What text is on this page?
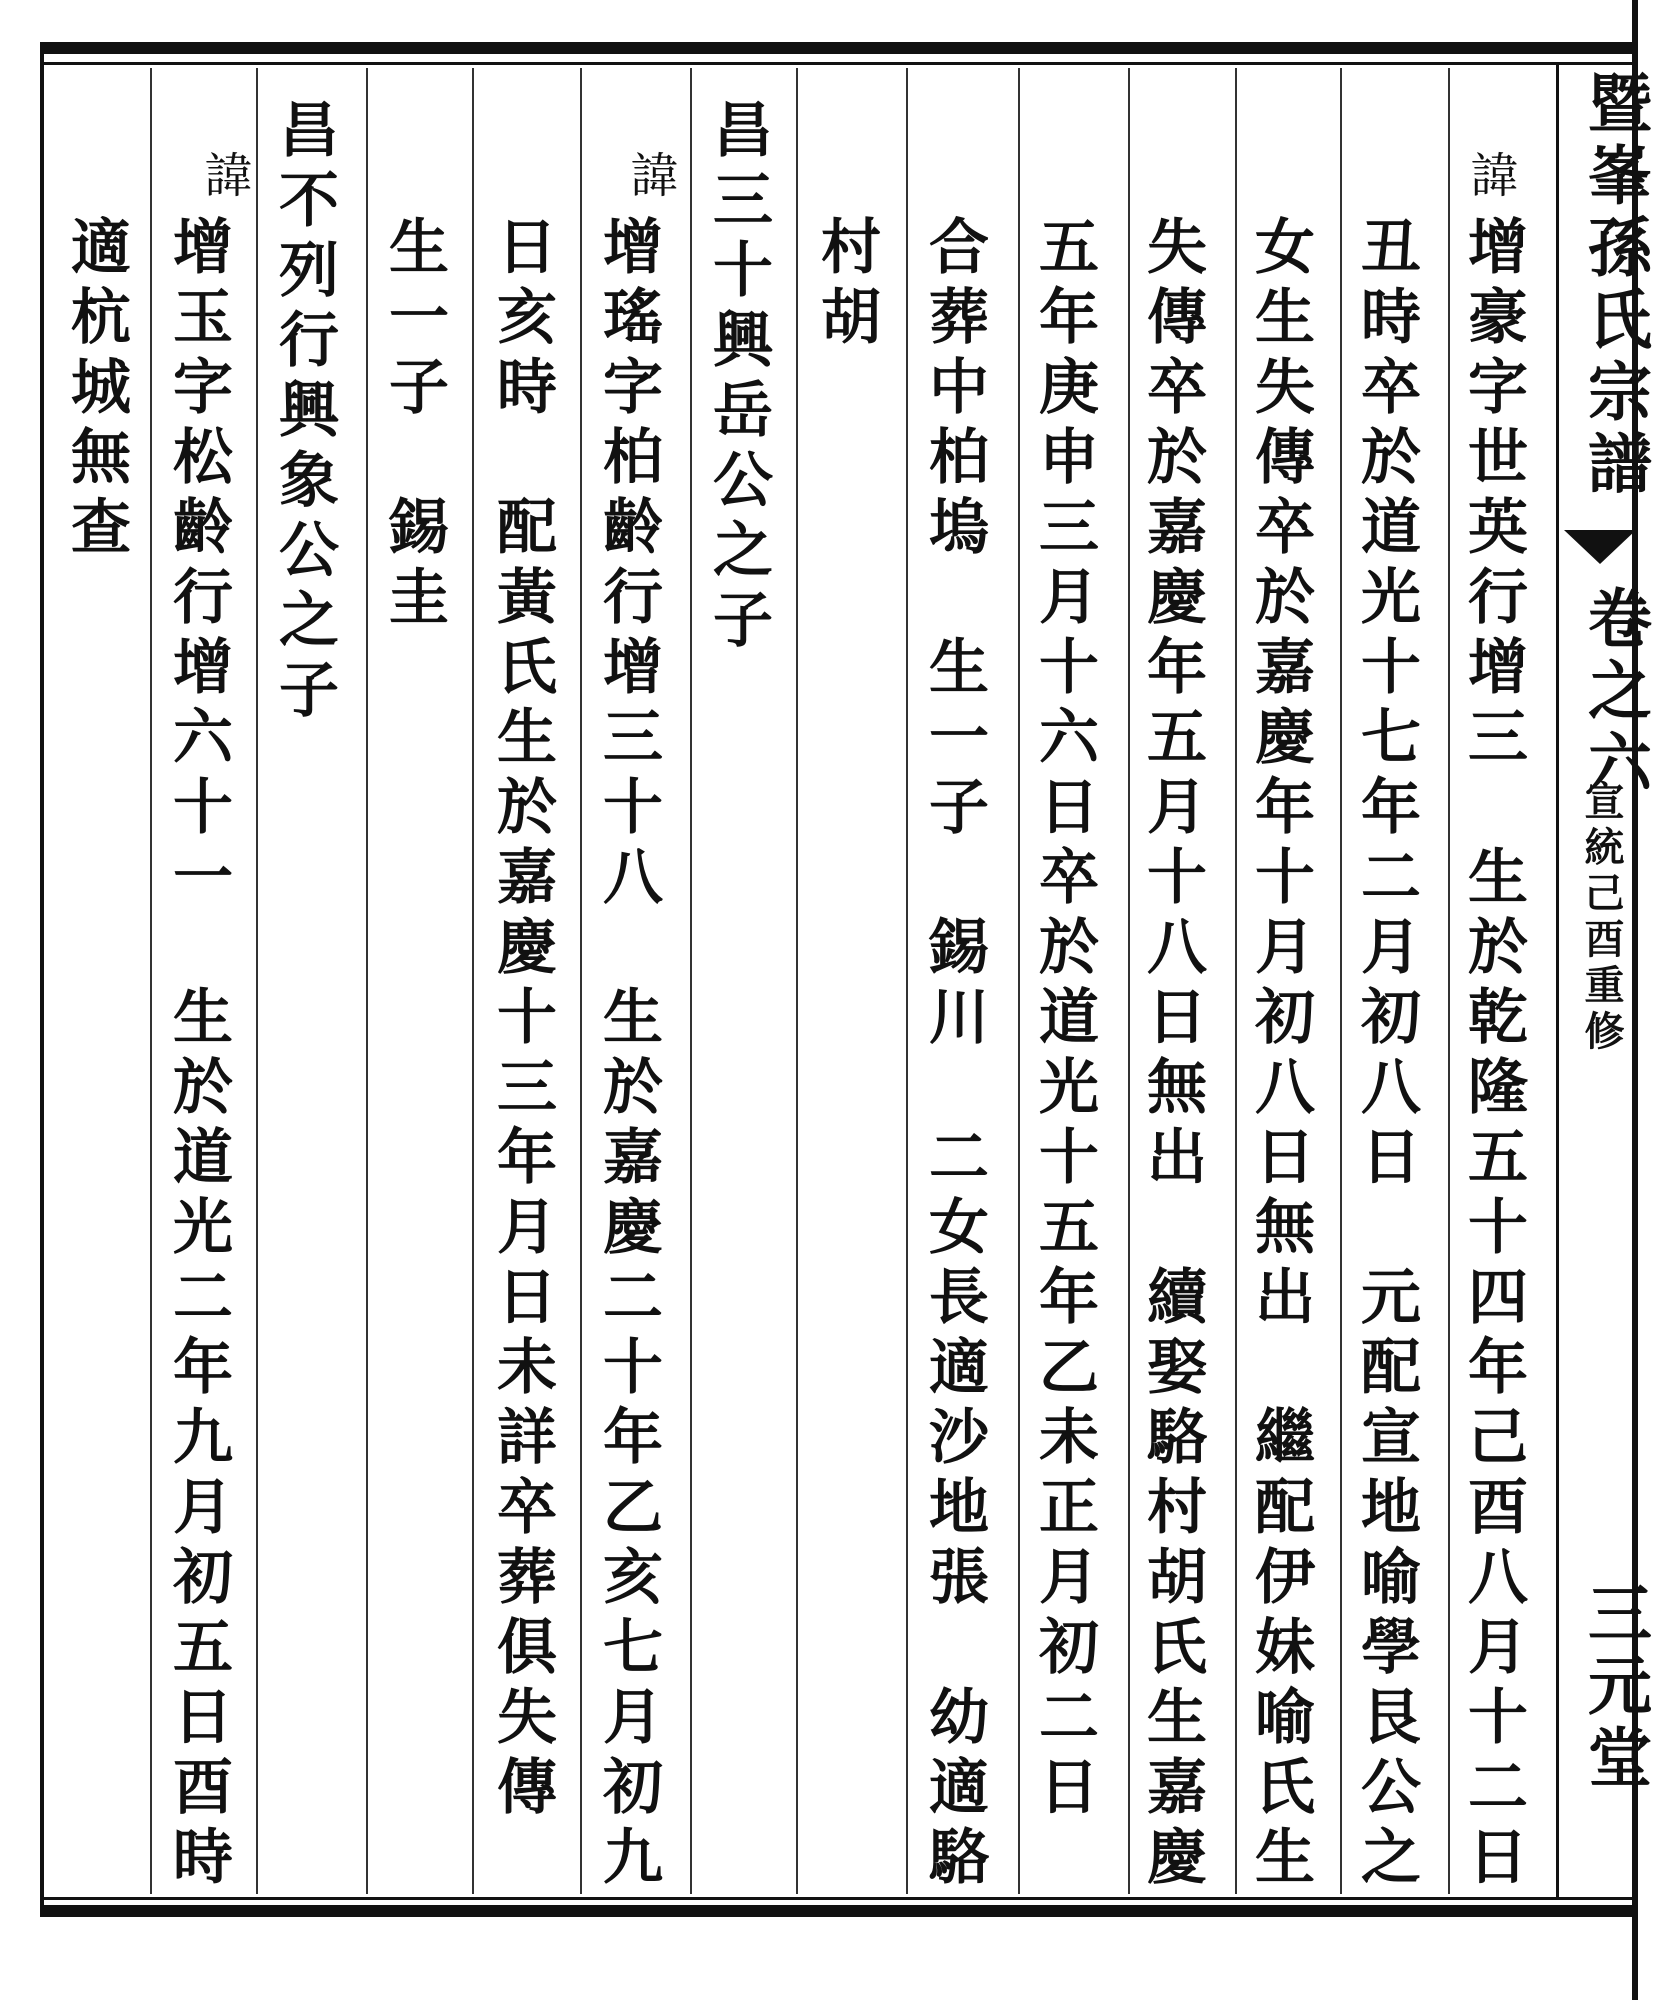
暨峯孫氏宗譜 卷之六
宣統己酉重修
三元堂
諱
增豪字世英行增三　生於乾隆五十四年己酉八月十二日
丑時卒於道光十七年二月初八日　元配宣地喻學艮公之
女生失傳卒於嘉慶年十月初八日無出　繼配伊妹喻氏生
失傳卒於嘉慶年五月十八日無出　續娶駱村胡氏生嘉慶
五年庚申三月十六日卒於道光十五年乙未正月初二日
合葬中柏塢　生一子　錫川　二女長適沙地張　幼適駱
村胡
昌三十興岳公之子
諱
增瑤字柏齡行增三十八　生於嘉慶二十年乙亥七月初九
日亥時　配黃氏生於嘉慶十三年月日未詳卒葬俱失傳
生一子　錫圭
昌不列行興象公之子
諱
增玉字松齡行增六十一　生於道光二年九月初五日酉時
適杭城無查
